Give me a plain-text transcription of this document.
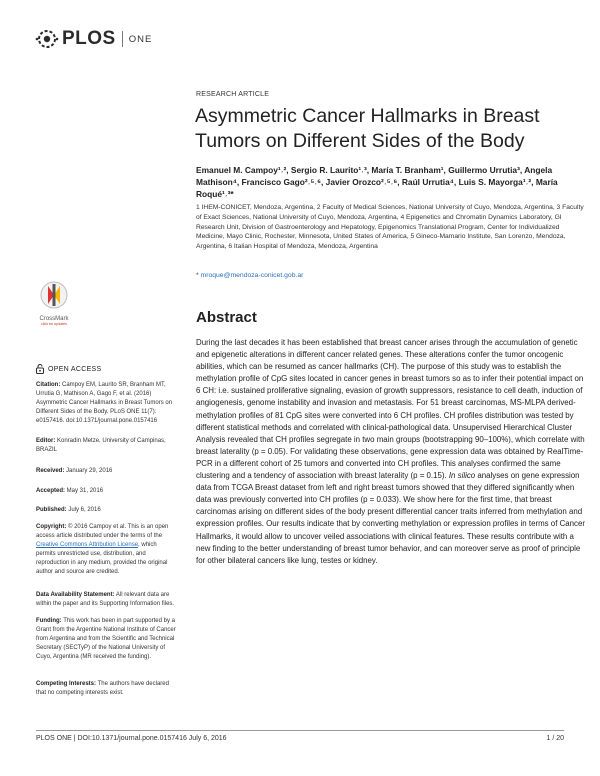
PLOS ONE
RESEARCH ARTICLE
Asymmetric Cancer Hallmarks in Breast Tumors on Different Sides of the Body
Emanuel M. Campoy¹˒², Sergio R. Laurito¹˒³, María T. Branham¹, Guillermo Urrutia³, Angela Mathison⁴, Francisco Gago²˒⁵˒⁶, Javier Orozco²˒⁵˒⁶, Raúl Urrutia⁴, Luis S. Mayorga¹˒², María Roqué¹˒³*
1 IHEM-CONICET, Mendoza, Argentina, 2 Faculty of Medical Sciences, National University of Cuyo, Mendoza, Argentina, 3 Faculty of Exact Sciences, National University of Cuyo, Mendoza, Argentina, 4 Epigenetics and Chromatin Dynamics Laboratory, GI Research Unit, Division of Gastroenterology and Hepatology, Epigenomics Translational Program, Center for Individualized Medicine, Mayo Clinic, Rochester, Minnesota, United States of America, 5 Gineco-Mamario Institute, San Lorenzo, Mendoza, Argentina, 6 Italian Hospital of Mendoza, Mendoza, Argentina
* mroque@mendoza-conicet.gob.ar
CrossMark
click for updates	Abstract

During the last decades it has been established that breast cancer arises through the accumulation of genetic and epigenetic alterations in different cancer related genes. These alterations confer the tumor oncogenic abilities, which can be resumed as cancer hallmarks (CH). The purpose of this study was to establish the methylation profile of CpG sites located in cancer genes in breast tumors so as to infer their potential impact on 6 CH: i.e. sustained proliferative signaling, evasion of growth suppressors, resistance to cell death, induction of angiogenesis, genome instability and invasion and metastasis. For 51 breast carcinomas, MS-MLPA derived-methylation profiles of 81 CpG sites were converted into 6 CH profiles. CH profiles distribution was tested by different statistical methods and correlated with clinical-pathological data. Unsupervised Hierarchical Cluster Analysis revealed that CH profiles segregate in two main groups (bootstrapping 90–100%), which correlate with breast laterality (p = 0.05). For validating these observations, gene expression data was obtained by RealTime-PCR in a different cohort of 25 tumors and converted into CH profiles. This analyses confirmed the same clustering and a tendency of association with breast laterality (p = 0.15). In silico analyses on gene expression data from TCGA Breast dataset from left and right breast tumors showed that they differed significantly when data was previously converted into CH profiles (p = 0.033). We show here for the first time, that breast carcinomas arising on different sides of the body present differential cancer traits inferred from methylation and expression profiles. Our results indicate that by converting methylation or expression profiles in terms of Cancer Hallmarks, it would allow to uncover veiled associations with clinical features. These results contribute with a new finding to the better understanding of breast tumor behavior, and can moreover serve as proof of principle for other bilateral cancers like lung, testes or kidney.

OPEN ACCESS
Citation: Campoy EM, Laurito SR, Branham MT, Urrutia G, Mathison A, Gago F, et al. (2016) Asymmetric Cancer Hallmarks in Breast Tumors on Different Sides of the Body. PLoS ONE 11(7): e0157416. doi:10.1371/journal.pone.0157416
Editor: Konradin Metze, University of Campinas, BRAZIL
Received: January 29, 2016
Accepted: May 31, 2016
Published: July 6, 2016
Copyright: © 2016 Campoy et al. This is an open access article distributed under the terms of the Creative Commons Attribution License, which permits unrestricted use, distribution, and reproduction in any medium, provided the original author and source are credited.
Data Availability Statement: All relevant data are within the paper and its Supporting Information files.
Funding: This work has been in part supported by a Grant from the Argentine National Institute of Cancer from Argentina and from the Scientific and Technical Secretary (SECTyP) of the National University of Cuyo, Argentina (MR received the funding).
Competing Interests: The authors have declared that no competing interests exist.
PLOS ONE | DOI:10.1371/journal.pone.0157416 July 6, 2016	1 / 20
